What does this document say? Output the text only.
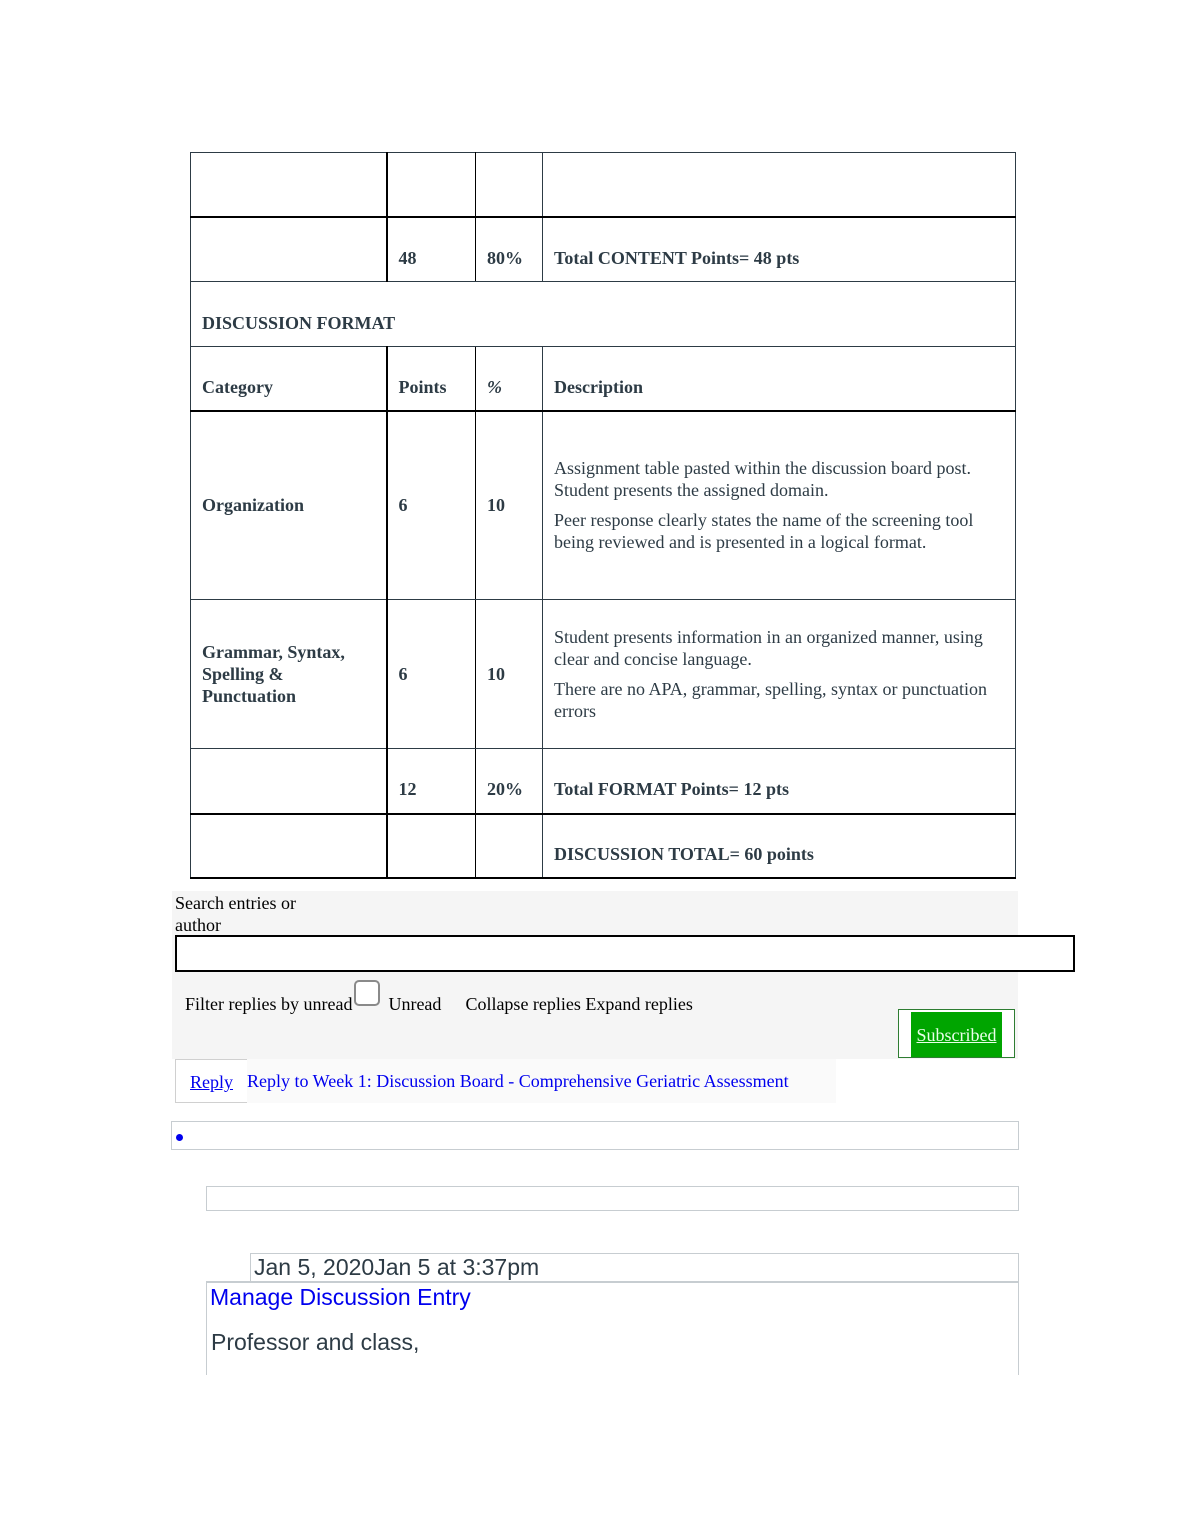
	48	80%	Total CONTENT Points= 48 pts
DISCUSSION FORMAT			
Category	Points	%	Description
Organization	6	10	Assignment table pasted within the discussion board post. Student presents the assigned domain.

Peer response clearly states the name of the screening tool being reviewed and is presented in a logical format.

Grammar, Syntax, Spelling & Punctuation	6	10	Student presents information in an organized manner, using clear and concise language.

There are no APA, grammar, spelling, syntax or punctuation errors

	12	20%	Total FORMAT Points= 12 pts
			DISCUSSION TOTAL= 60 points
Search entries or author
Filter replies by unread Unread Collapse replies
Expand replies
Subscribed
Reply Reply to Week 1: Discussion Board - Comprehensive Geriatric Assessment
Jan 5, 2020Jan 5 at 3:37pm
Manage Discussion Entry
Professor and class,
